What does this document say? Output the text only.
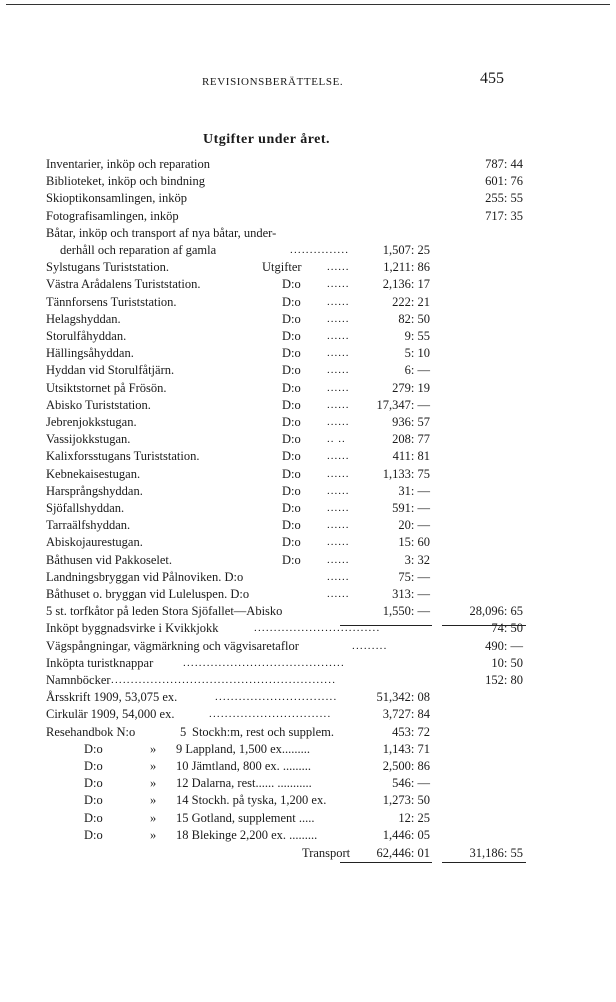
REVISIONSBERÄTTELSE.	455
Utgifter under året.
Inventarier, inköp och reparation	787: 44
Biblioteket, inköp och bindning	601: 76
Skioptikonsamlingen, inköp	255: 55
Fotografisamlingen, inköp	717: 35
Båtar, inköp och transport af nya båtar, under-
derhåll och reparation af gamla	...............	1,507: 25
Sylstugans Turiststation.	Utgifter	......	1,211: 86
Västra Arådalens Turiststation.	D:o	......	2,136: 17
Tännforsens Turiststation.	D:o	......	222: 21
Helagshyddan.	D:o	......	82: 50
Storulfåhyddan.	D:o	......	9: 55
Hällingsåhyddan.	D:o	......	5: 10
Hyddan vid Storulfåtjärn.	D:o	......	6: —
Utsiktstornet på Frösön.	D:o	......	279: 19
Abisko Turiststation.	D:o	...... 17,347: —
Jebrenjokkstugan.	D:o	......	936: 57
Vassijokkstugan.	D:o	.. ..	208: 77
Kalixforsstugans Turiststation.	D:o	......	411: 81
Kebnekaisestugan.	D:o	......	1,133: 75
Harsprångshyddan.	D:o	......	31: —
Sjöfallshyddan.	D:o	......	591: —
Tarraälfshyddan.	D:o	......	20: —
Abiskojaurestugan.	D:o	......	15: 60
Båthusen vid Pakkoselet.	D:o	......	3: 32
Landningsbryggan vid Pålnoviken. D:o	......	75: —
Båthuset o. bryggan vid Luleluspen. D:o	......	313: —
5 st. torfkåtor på leden Stora Sjöfallet—Abisko	1,550: —	28,096: 65
Inköpt byggnadsvirke i Kvikkjokk	................................	74: 50
Vägspångningar, vägmärkning och vägvisaretaflor	.........	490: —
Inköpta turistknappar	.........................................	10: 50
Namnböcker .........................................................	152: 80
Årsskrift 1909, 53,075 ex.	...............................	51,342: 08
Cirkulär 1909, 54,000 ex.	...............................	3,727: 84
Resehandbok N:o	5 Stockh:m, rest och supplem.	453: 72
D:o	» 9 Lappland, 1,500 ex.........	1,143: 71
D:o	» 10 Jämtland, 800 ex. .........	2,500: 86
D:o	» 12 Dalarna, rest...... ...........	546: —
D:o	» 14 Stockh. på tyska, 1,200 ex.	1,273: 50
D:o	» 15 Gotland, supplement .....	12: 25
D:o	» 18 Blekinge 2,200 ex. .........	1,446: 05
Transport 62,446: 01	31,186: 55
